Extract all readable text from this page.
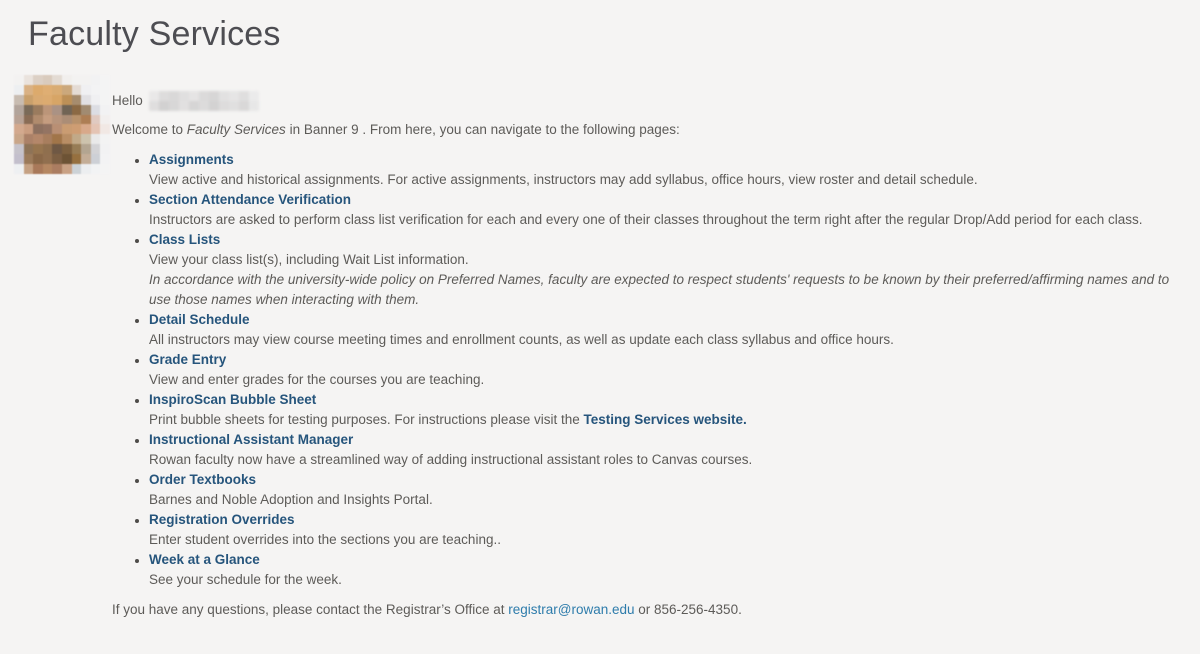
Faculty Services
Hello

Welcome to Faculty Services in Banner 9 . From here, you can navigate to the following pages:

• Assignments
View active and historical assignments. For active assignments, instructors may add syllabus, office hours, view roster and detail schedule.
• Section Attendance Verification
Instructors are asked to perform class list verification for each and every one of their classes throughout the term right after the regular Drop/Add period for each class.
• Class Lists
View your class list(s), including Wait List information.
In accordance with the university-wide policy on Preferred Names, faculty are expected to respect students' requests to be known by their preferred/affirming names and to use those names when interacting with them.
• Detail Schedule
All instructors may view course meeting times and enrollment counts, as well as update each class syllabus and office hours.
• Grade Entry
View and enter grades for the courses you are teaching.
• InspiroScan Bubble Sheet
Print bubble sheets for testing purposes. For instructions please visit the Testing Services website.
• Instructional Assistant Manager
Rowan faculty now have a streamlined way of adding instructional assistant roles to Canvas courses.
• Order Textbooks
Barnes and Noble Adoption and Insights Portal.
• Registration Overrides
Enter student overrides into the sections you are teaching..
• Week at a Glance
See your schedule for the week.

If you have any questions, please contact the Registrar’s Office at registrar@rowan.edu or 856-256-4350.
